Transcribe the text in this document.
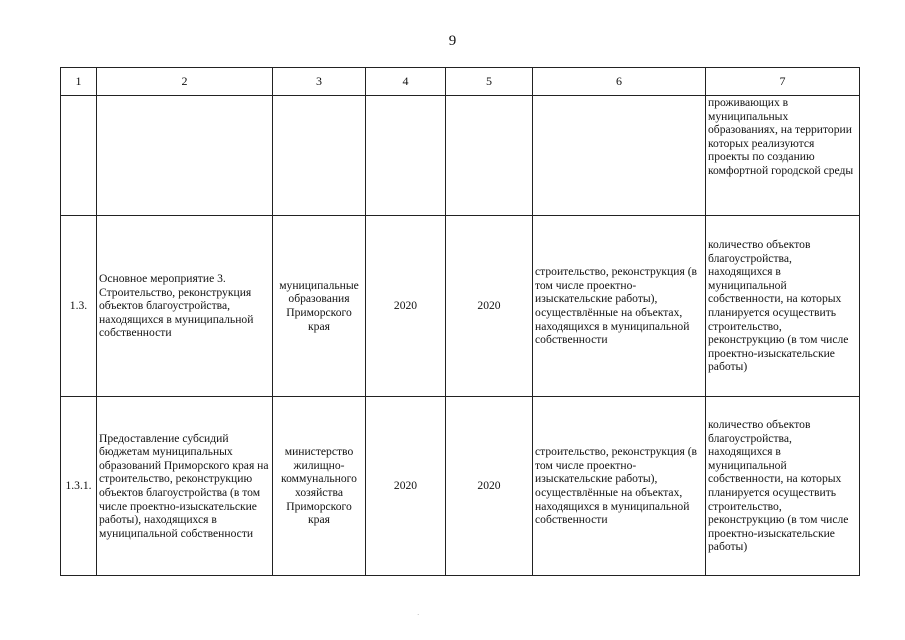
9
1	2	3	4	5	6	7
						проживающих в муниципальных образованиях, на территории которых реализуются проекты по созданию комфортной городской среды
1.3.	Основное мероприятие 3. Строительство, реконструкция объектов благоустройства, находящихся в муниципальной собственности	муниципальные образования Приморского края	2020	2020	строительство, реконструкция (в том числе проектно-изыскательские работы), осуществлённые на объектах, находящихся в муниципальной собственности	количество объектов благоустройства, находящихся в муниципальной собственности, на которых планируется осуществить строительство, реконструкцию (в том числе проектно-изыскательские работы)
1.3.1.	Предоставление субсидий бюджетам муниципальных образований Приморского края на строительство, реконструкцию объектов благоустройства (в том числе проектно-изыскательские работы), находящихся в муниципальной собственности	министерство жилищно-коммунального хозяйства Приморского края	2020	2020	строительство, реконструкция (в том числе проектно-изыскательские работы), осуществлённые на объектах, находящихся в муниципальной собственности	количество объектов благоустройства, находящихся в муниципальной собственности, на которых планируется осуществить строительство, реконструкцию (в том числе проектно-изыскательские работы)
·
